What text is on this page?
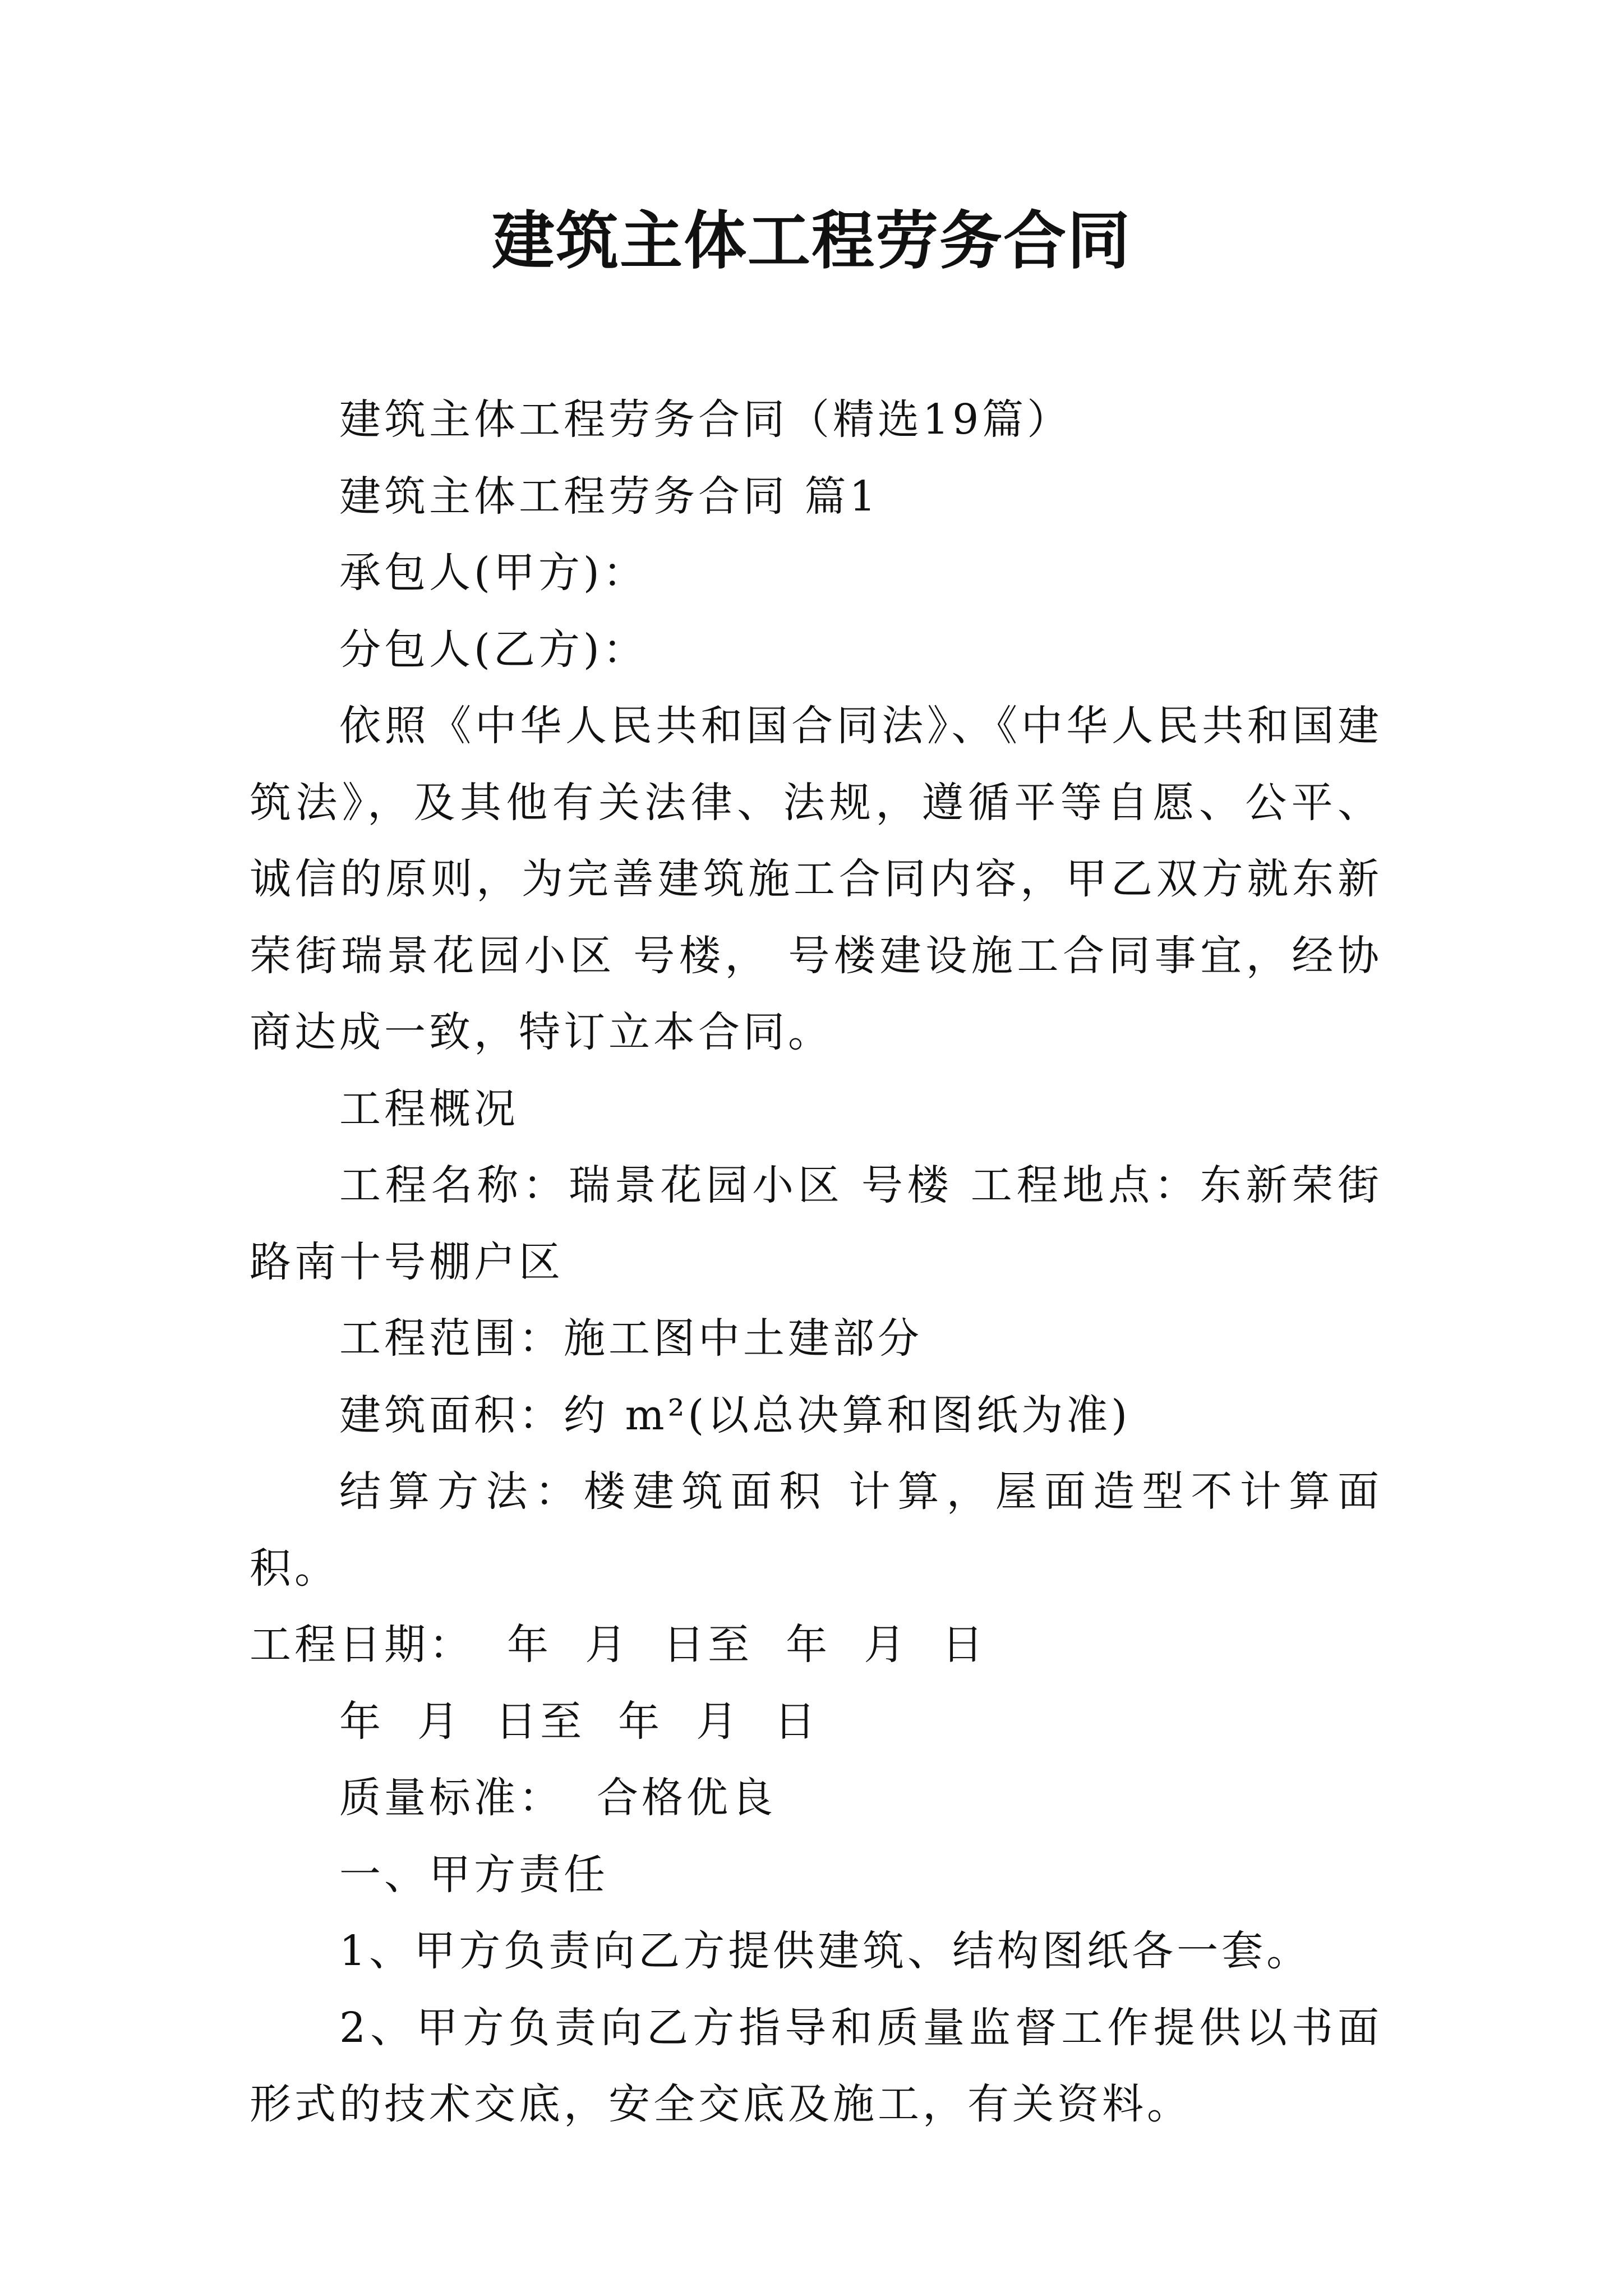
建筑主体工程劳务合同

建筑主体工程劳务合同（精选19篇）

建筑主体工程劳务合同 篇1

承包人(甲方)：

分包人(乙方)：

依照《中华人民共和国合同法》、《中华人民共和国建筑法》，及其他有关法律、法规，遵循平等自愿、公平、诚信的原则，为完善建筑施工合同内容，甲乙双方就东新荣街瑞景花园小区 号楼， 号楼建设施工合同事宜，经协商达成一致，特订立本合同。

工程概况

工程名称：瑞景花园小区 号楼 工程地点：东新荣街路南十号棚户区

工程范围：施工图中土建部分

建筑面积：约 m²(以总决算和图纸为准)

结算方法：楼建筑面积 计算，屋面造型不计算面积。

工程日期：  年  月  日至  年  月  日

年  月  日至  年  月  日

质量标准：  合格优良

一、甲方责任

1、甲方负责向乙方提供建筑、结构图纸各一套。

2、甲方负责向乙方指导和质量监督工作提供以书面形式的技术交底，安全交底及施工，有关资料。
